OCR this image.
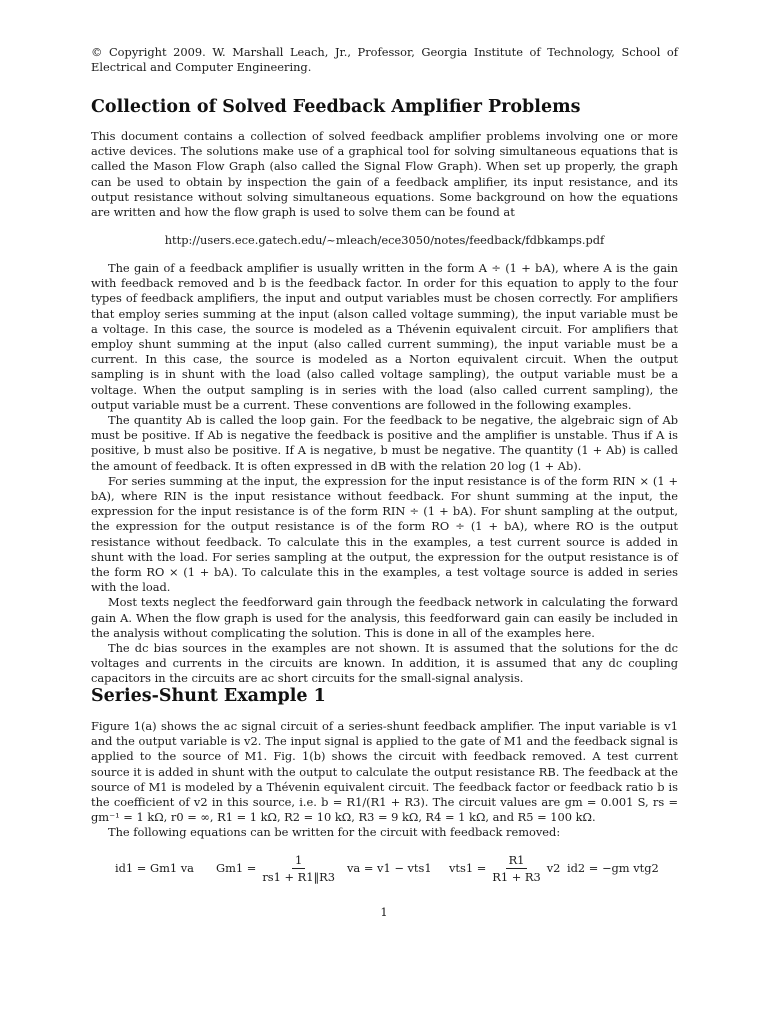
© Copyright 2009. W. Marshall Leach, Jr., Professor, Georgia Institute of Technology, School of Electrical and Computer Engineering.
Collection of Solved Feedback Amplifier Problems
This document contains a collection of solved feedback amplifier problems involving one or more active devices. The solutions make use of a graphical tool for solving simultaneous equations that is called the Mason Flow Graph (also called the Signal Flow Graph). When set up properly, the graph can be used to obtain by inspection the gain of a feedback amplifier, its input resistance, and its output resistance without solving simultaneous equations. Some background on how the equations are written and how the flow graph is used to solve them can be found at
http://users.ece.gatech.edu/~mleach/ece3050/notes/feedback/fdbkamps.pdf

The gain of a feedback amplifier is usually written in the form A ÷ (1 + bA), where A is the gain with feedback removed and b is the feedback factor. In order for this equation to apply to the four types of feedback amplifiers, the input and output variables must be chosen correctly. For amplifiers that employ series summing at the input (alson called voltage summing), the input variable must be a voltage. In this case, the source is modeled as a Thévenin equivalent circuit. For amplifiers that employ shunt summing at the input (also called current summing), the input variable must be a current. In this case, the source is modeled as a Norton equivalent circuit. When the output sampling is in shunt with the load (also called voltage sampling), the output variable must be a voltage. When the output sampling is in series with the load (also called current sampling), the output variable must be a current. These conventions are followed in the following examples.

The quantity Ab is called the loop gain. For the feedback to be negative, the algebraic sign of Ab must be positive. If Ab is negative the feedback is positive and the amplifier is unstable. Thus if A is positive, b must also be positive. If A is negative, b must be negative. The quantity (1 + Ab) is called the amount of feedback. It is often expressed in dB with the relation 20 log (1 + Ab).

For series summing at the input, the expression for the input resistance is of the form RIN × (1 + bA), where RIN is the input resistance without feedback. For shunt summing at the input, the expression for the input resistance is of the form RIN ÷ (1 + bA). For shunt sampling at the output, the expression for the output resistance is of the form RO ÷ (1 + bA), where RO is the output resistance without feedback. To calculate this in the examples, a test current source is added in shunt with the load. For series sampling at the output, the expression for the output resistance is of the form RO × (1 + bA). To calculate this in the examples, a test voltage source is added in series with the load.

Most texts neglect the feedforward gain through the feedback network in calculating the forward gain A. When the flow graph is used for the analysis, this feedforward gain can easily be included in the analysis without complicating the solution. This is done in all of the examples here.

The dc bias sources in the examples are not shown. It is assumed that the solutions for the dc voltages and currents in the circuits are known. In addition, it is assumed that any dc coupling capacitors in the circuits are ac short circuits for the small-signal analysis.

Series-Shunt Example 1

Figure 1(a) shows the ac signal circuit of a series-shunt feedback amplifier. The input variable is v1 and the output variable is v2. The input signal is applied to the gate of M1 and the feedback signal is applied to the source of M1. Fig. 1(b) shows the circuit with feedback removed. A test current source it is added in shunt with the output to calculate the output resistance RB. The feedback at the source of M1 is modeled by a Thévenin equivalent circuit. The feedback factor or feedback ratio b is the coefficient of v2 in this source, i.e. b = R1/(R1 + R3). The circuit values are gm = 0.001 S, rs = gm⁻¹ = 1 kΩ, r0 = ∞, R1 = 1 kΩ, R2 = 10 kΩ, R3 = 9 kΩ, R4 = 1 kΩ, and R5 = 100 kΩ.

The following equations can be written for the circuit with feedback removed:

id1 = Gm1 va $Gm1 = \frac{1}{rs1 + R1‖R3}$ va = v1 − vts1 $vts1 = \frac{R1}{R1 + R3} v2$ id2 = −gm vtg2
1
